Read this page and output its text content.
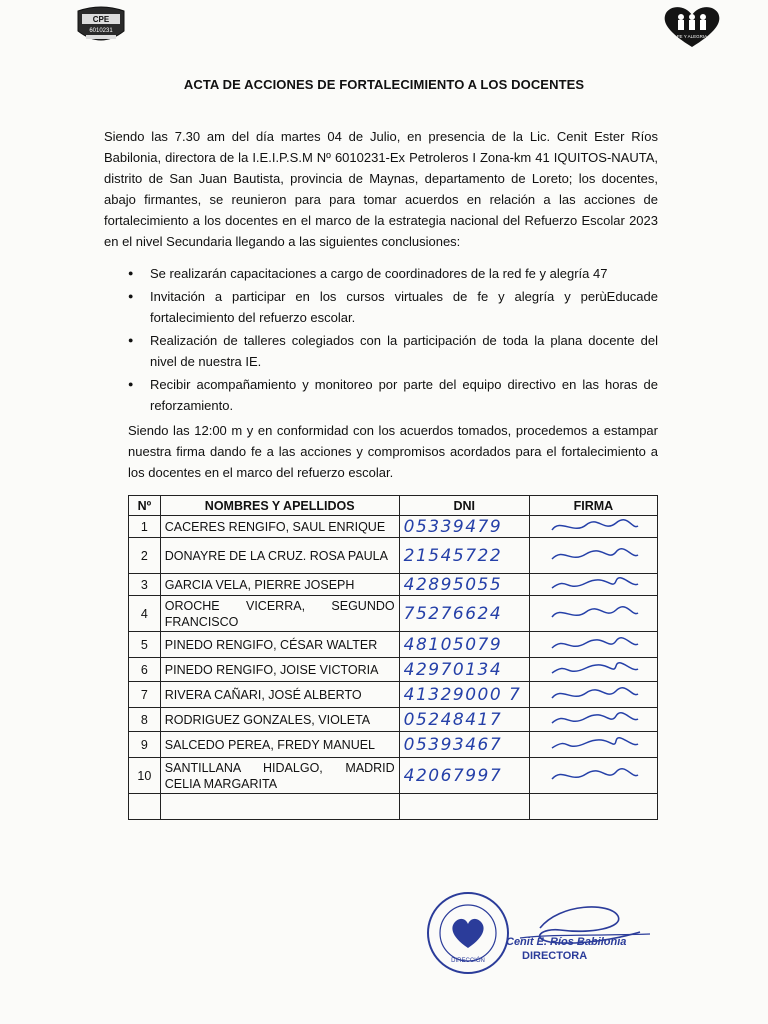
CPE
6010231
FE Y ALEGRIA
ACTA DE ACCIONES DE FORTALECIMIENTO A LOS DOCENTES
Siendo las 7.30 am del día martes 04 de Julio, en presencia de la Lic. Cenit Ester Ríos Babilonia, directora de la I.E.I.P.S.M Nº 6010231-Ex Petroleros I Zona-km 41 IQUITOS-NAUTA, distrito de San Juan Bautista, provincia de Maynas, departamento de Loreto; los docentes, abajo firmantes, se reunieron para para tomar acuerdos en relación a las acciones de fortalecimiento a los docentes en el marco de la estrategia nacional del Refuerzo Escolar 2023 en el nivel Secundaria llegando a las siguientes conclusiones:
● Se realizarán capacitaciones a cargo de coordinadores de la red fe y alegría 47
● Invitación a participar en los cursos virtuales de fe y alegría y perùEducade fortalecimiento del refuerzo escolar.
● Realización de talleres colegiados con la participación de toda la plana docente del nivel de nuestra IE.
● Recibir acompañamiento y monitoreo por parte del equipo directivo en las horas de reforzamiento.
Siendo las 12:00 m y en conformidad con los acuerdos tomados, procedemos a estampar nuestra firma dando fe a las acciones y compromisos acordados para el fortalecimiento a los docentes en el marco del refuerzo escolar.
Nº	NOMBRES Y APELLIDOS	DNI	FIRMA
1	CACERES RENGIFO, SAUL ENRIQUE	05339479	

2	DONAYRE DE LA CRUZ. ROSA PAULA	21545722	

3	GARCIA VELA, PIERRE JOSEPH	42895055	

4	OROCHE VICERRA, SEGUNDO FRANCISCO	75276624	

5	PINEDO RENGIFO, CÉSAR WALTER	48105079	

6	PINEDO RENGIFO, JOISE VICTORIA	42970134	

7	RIVERA CAÑARI, JOSÉ ALBERTO	41329000 7	

8	RODRIGUEZ GONZALES, VIOLETA	05248417	

9	SALCEDO PEREA, FREDY MANUEL	05393467	

10	SANTILLANA HIDALGO, MADRID CELIA MARGARITA	42067997	

DIRECCIÓN
Cenit E. Ríos Babilonia
DIRECTORA
